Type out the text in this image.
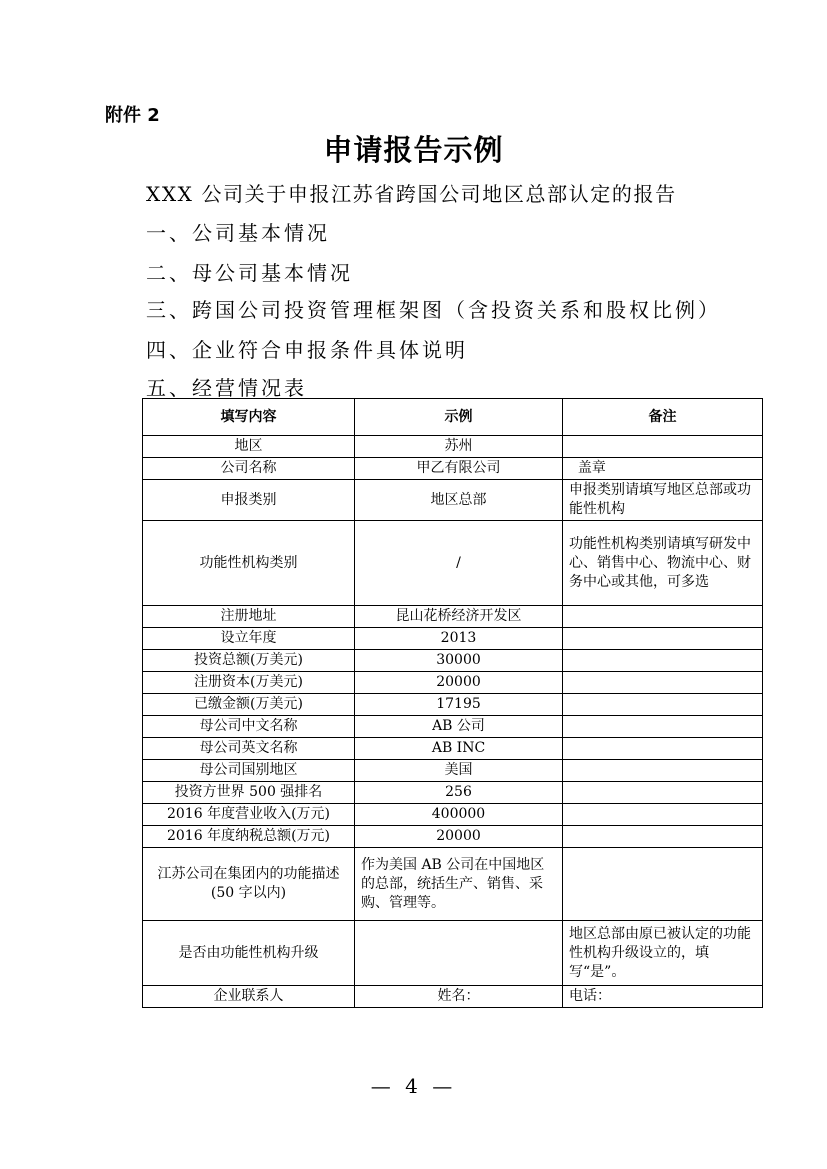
附件 2
申请报告示例
XXX 公司关于申报江苏省跨国公司地区总部认定的报告
一、公司基本情况
二、母公司基本情况
三、跨国公司投资管理框架图（含投资关系和股权比例）
四、企业符合申报条件具体说明
五、经营情况表
填写内容	示例	备注
地区	苏州	
公司名称	甲乙有限公司	盖章
申报类别	地区总部	申报类别请填写地区总部或功能性机构
功能性机构类别	/	功能性机构类别请填写研发中心、销售中心、物流中心、财务中心或其他，可多选
注册地址	昆山花桥经济开发区	
设立年度	2013	
投资总额(万美元)	30000	
注册资本(万美元)	20000	
已缴金额(万美元)	17195	
母公司中文名称	AB 公司	
母公司英文名称	AB INC	
母公司国别地区	美国	
投资方世界 500 强排名	256	
2016 年度营业收入(万元)	400000	
2016 年度纳税总额(万元)	20000	
江苏公司在集团内的功能描述(50 字以内)	作为美国 AB 公司在中国地区的总部，统括生产、销售、采购、管理等。	
是否由功能性机构升级		地区总部由原已被认定的功能性机构升级设立的，填写“是”。
企业联系人	姓名：	电话：
— 4 —
